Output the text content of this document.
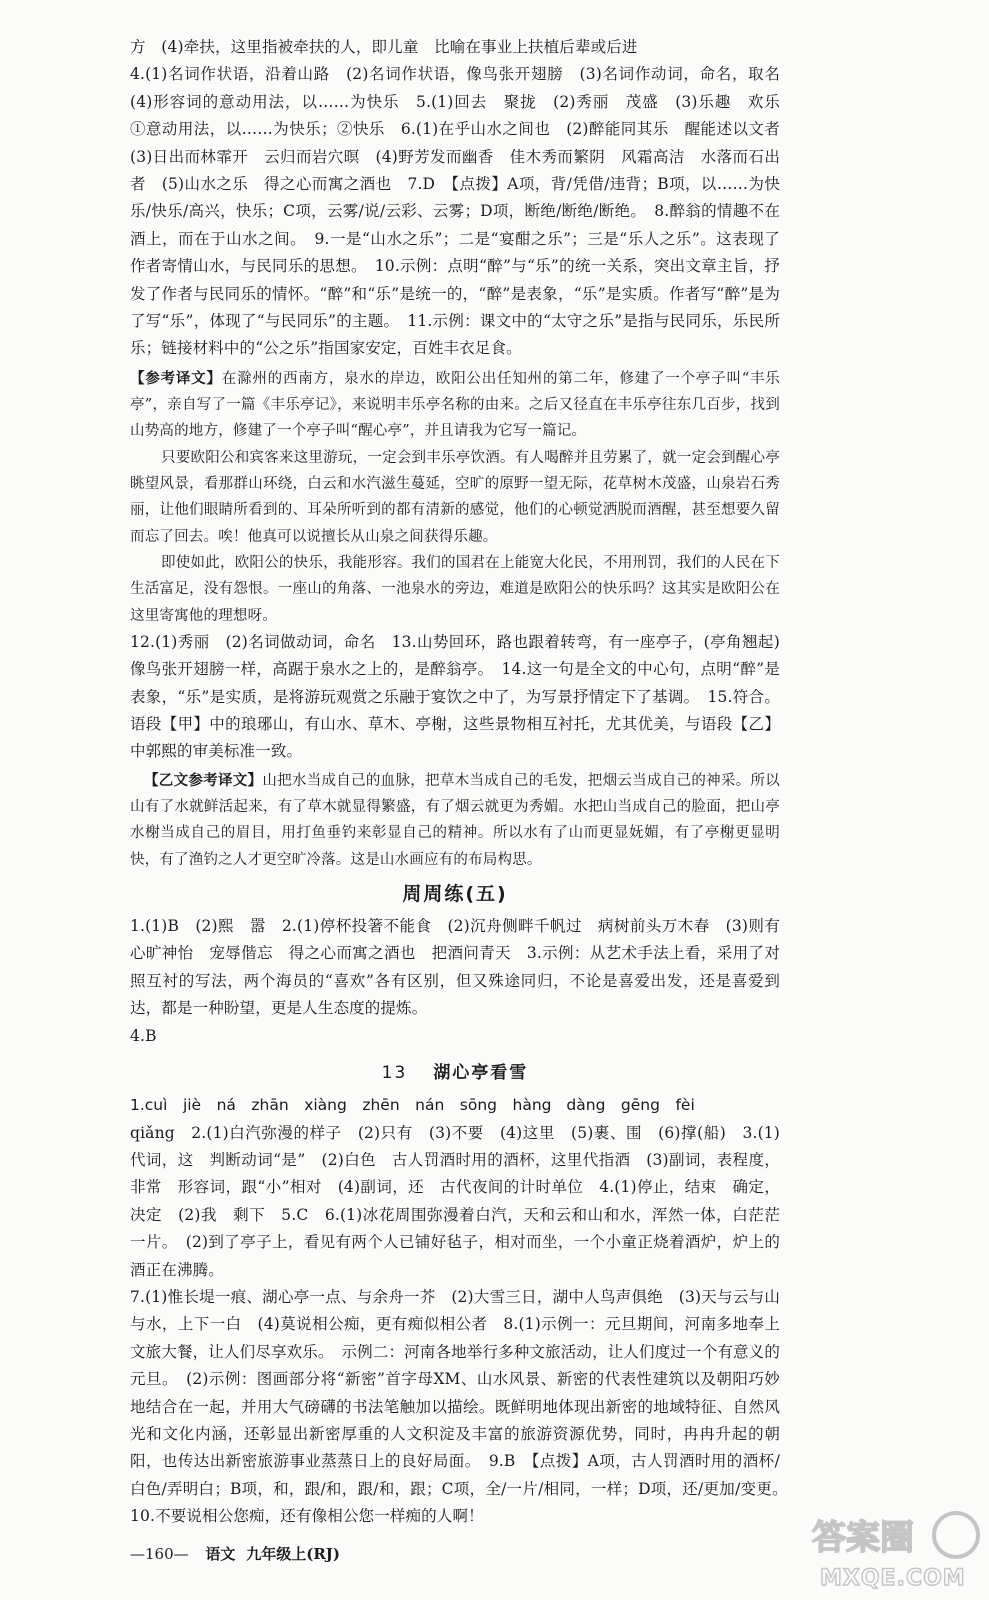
方　(4)牵扶，这里指被牵扶的人，即儿童　比喻在事业上扶植后辈或后进

4.(1)名词作状语，沿着山路　(2)名词作状语，像鸟张开翅膀　(3)名词作动词，命名，取名　(4)形容词的意动用法，以……为快乐　5.(1)回去　聚拢　(2)秀丽　茂盛　(3)乐趣　欢乐　①意动用法，以……为快乐；②快乐　6.(1)在乎山水之间也　(2)醉能同其乐　醒能述以文者　(3)日出而林霏开　云归而岩穴暝　(4)野芳发而幽香　佳木秀而繁阴　风霜高洁　水落而石出者　(5)山水之乐　得之心而寓之酒也　7.D　【点拨】A项，背/凭借/违背；B项，以……为快乐/快乐/高兴，快乐；C项，云雾/说/云彩、云雾；D项，断绝/断绝/断绝。　8.醉翁的情趣不在酒上，而在于山水之间。　9.一是“山水之乐”；二是“宴酣之乐”；三是“乐人之乐”。这表现了作者寄情山水，与民同乐的思想。　10.示例：点明“醉”与“乐”的统一关系，突出文章主旨，抒发了作者与民同乐的情怀。“醉”和“乐”是统一的，“醉”是表象，“乐”是实质。作者写“醉”是为了写“乐”，体现了“与民同乐”的主题。　11.示例：课文中的“太守之乐”是指与民同乐，乐民所乐；链接材料中的“公之乐”指国家安定，百姓丰衣足食。

【参考译文】在滁州的西南方，泉水的岸边，欧阳公出任知州的第二年，修建了一个亭子叫“丰乐亭”，亲自写了一篇《丰乐亭记》，来说明丰乐亭名称的由来。之后又径直在丰乐亭往东几百步，找到山势高的地方，修建了一个亭子叫“醒心亭”，并且请我为它写一篇记。

只要欧阳公和宾客来这里游玩，一定会到丰乐亭饮酒。有人喝醉并且劳累了，就一定会到醒心亭眺望风景，看那群山环绕，白云和水汽滋生蔓延，空旷的原野一望无际，花草树木茂盛，山泉岩石秀丽，让他们眼睛所看到的、耳朵所听到的都有清新的感觉，他们的心顿觉洒脱而酒醒，甚至想要久留而忘了回去。唉！他真可以说擅长从山泉之间获得乐趣。

即使如此，欧阳公的快乐，我能形容。我们的国君在上能宽大化民，不用刑罚，我们的人民在下生活富足，没有怨恨。一座山的角落、一池泉水的旁边，难道是欧阳公的快乐吗？这其实是欧阳公在这里寄寓他的理想呀。

12.(1)秀丽　(2)名词做动词，命名　13.山势回环，路也跟着转弯，有一座亭子，(亭角翘起)像鸟张开翅膀一样，高踞于泉水之上的，是醉翁亭。　14.这一句是全文的中心句，点明“醉”是表象，“乐”是实质，是将游玩观赏之乐融于宴饮之中了，为写景抒情定下了基调。　15.符合。语段【甲】中的琅琊山，有山水、草木、亭榭，这些景物相互衬托，尤其优美，与语段【乙】中郭熙的审美标准一致。

【乙文参考译文】山把水当成自己的血脉，把草木当成自己的毛发，把烟云当成自己的神采。所以山有了水就鲜活起来，有了草木就显得繁盛，有了烟云就更为秀媚。水把山当成自己的脸面，把山亭水榭当成自己的眉目，用打鱼垂钓来彰显自己的精神。所以水有了山而更显妩媚，有了亭榭更显明快，有了渔钓之人才更空旷冷落。这是山水画应有的布局构思。

周周练(五)

1.(1)B　(2)熙　嚣　2.(1)停杯投箸不能食　(2)沉舟侧畔千帆过　病树前头万木春　(3)则有心旷神怡　宠辱偕忘　得之心而寓之酒也　把酒问青天　3.示例：从艺术手法上看，采用了对照互衬的写法，两个海员的“喜欢”各有区别，但又殊途同归，不论是喜爱出发，还是喜爱到达，都是一种盼望，更是人生态度的提炼。

4.B

13 湖心亭看雪

1.cuì　jiè　ná　zhān　xiàng　zhēn　nán　sōng　hàng dàng　gēng　fèi

qiǎng　2.(1)白汽弥漫的样子　(2)只有　(3)不要　(4)这里　(5)裹、围　(6)撑(船)　3.(1)代词，这　判断动词“是”　(2)白色　古人罚酒时用的酒杯，这里代指酒　(3)副词，表程度，非常　形容词，跟“小”相对　(4)副词，还　古代夜间的计时单位　4.(1)停止，结束　确定，决定　(2)我　剩下　5.C　6.(1)冰花周围弥漫着白汽，天和云和山和水，浑然一体，白茫茫一片。　(2)到了亭子上，看见有两个人已铺好毡子，相对而坐，一个小童正烧着酒炉，炉上的酒正在沸腾。

7.(1)惟长堤一痕、湖心亭一点、与余舟一芥　(2)大雪三日，湖中人鸟声俱绝　(3)天与云与山与水，上下一白　(4)莫说相公痴，更有痴似相公者　8.(1)示例一：元旦期间，河南多地奉上文旅大餐，让人们尽享欢乐。　示例二：河南各地举行多种文旅活动，让人们度过一个有意义的元旦。　(2)示例：图画部分将“新密”首字母XM、山水风景、新密的代表性建筑以及朝阳巧妙地结合在一起，并用大气磅礴的书法笔触加以描绘。既鲜明地体现出新密的地域特征、自然风光和文化内涵，还彰显出新密厚重的人文积淀及丰富的旅游资源优势，同时，冉冉升起的朝阳，也传达出新密旅游事业蒸蒸日上的良好局面。　9.B　【点拨】A项，古人罚酒时用的酒杯/白色/弄明白；B项，和，跟/和，跟/和，跟；C项，全/一片/相同，一样；D项，还/更加/变更。　10.不要说相公您痴，还有像相公您一样痴的人啊！

—160— 语文 九年级上(RJ)	答案圈
MXQE.COM
